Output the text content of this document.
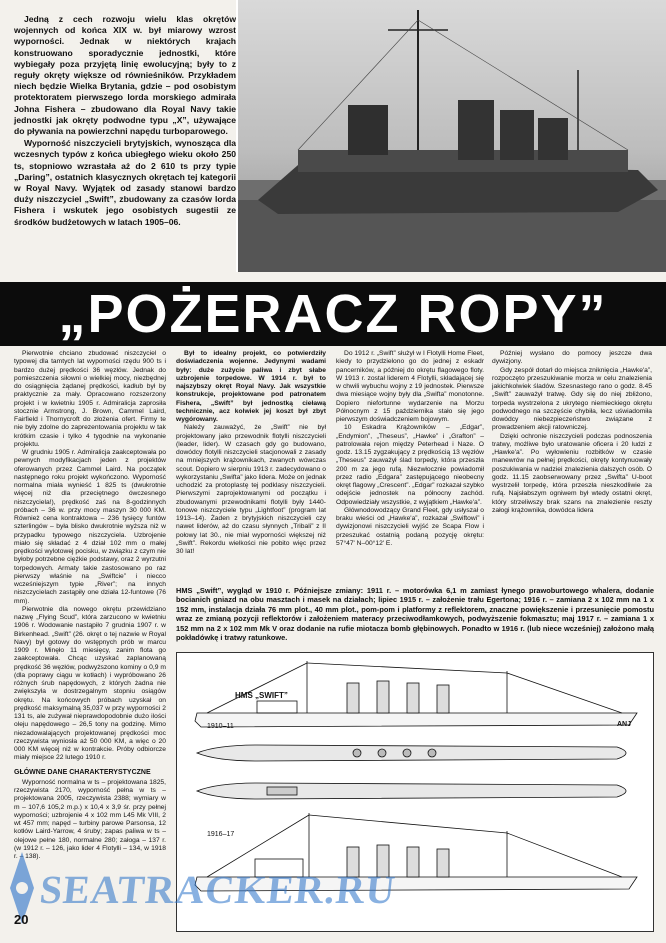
Jedną z cech rozwoju wielu klas okrętów wojennych od końca XIX w. był miarowy wzrost wyporności. Jednak w niektórych krajach konstruowano sporadycznie jednostki, które wybiegały poza przyjętą linię ewolucyjną; były to z reguły okręty większe od równieśników. Przykładem niech będzie Wielka Brytania, gdzie – pod osobistym protektoratem pierwszego lorda morskiego admirała Johna Fishera – zbudowano dla Royal Navy takie jednostki jak okręty podwodne typu „X”, używające do pływania na powierzchni napędu turboparowego.

Wyporność niszczycieli brytyjskich, wynosząca dla wczesnych typów z końca ubiegłego wieku około 250 ts, stopniowo wzrastała aż do 2 610 ts przy typie „Daring”, ostatnich klasycznych okrętach tej kategorii w Royal Navy. Wyjątek od zasady stanowi bardzo duży niszczyciel „Swift”, zbudowany za czasów lorda Fishera i wskutek jego osobistych sugestii ze środków budżetowych w latach 1905–06.

„POŻERACZ ROPY”

Pierwotnie chciano zbudować niszczyciel o typowej dla tamtych lat wyporności rzędu 900 ts i bardzo dużej prędkości 36 węzłów. Jednak do pomieszczenia siłowni o wielkiej mocy, niezbędnej do osiągnięcia żądanej prędkości, kadłub był by praktycznie za mały. Opracowano rozszerzony projekt i w kwietniu 1905 r. Admiralicja zaprosiła stocznie Armstrong, J. Brown, Cammel Laird, Fairfield i Thornycroft do złożenia ofert. Firmy te nie były zdolne do zaprezentowania projektu w tak krótkim czasie i tylko 4 tygodnie na wykonanie projektu.

W grudniu 1905 r. Admiralicja zaakceptowała po pewnych modyfikacjach jeden z projektów oferowanych przez Cammel Laird. Na początek następnego roku projekt wykończono. Wyporność normalna miała wynieść 1 825 ts (dwukrotnie więcej niż dla przeciętnego ówczesnego niszczyciela!), prędkość zaś na 8-godzinnych próbach – 36 w. przy mocy maszyn 30 000 KM. Również cena kontraktowa – 236 tysięcy funtów szterlingów – była blisko dwukrotnie wyższa niż w przypadku typowego niszczyciela. Uzbrojenie miało się składać z 4 dział 102 mm o małej prędkości wylotowej pocisku, w związku z czym nie byłoby potrzebne ciężkie podstawy, oraz 2 wyrzutni torpedowych. Armaty takie zastosowano po raz pierwszy właśnie na „Swiftcie” i niecco wcześniejszym typie „River”; na innych niszczycielach zastąpiły one działa 12-funtowe (76 mm).

Pierwotnie dla nowego okrętu przewidziano nazwę „Flying Scud”, która zarzucono w kwietniu 1906 r. Wodowanie nastąpiło 7 grudnia 1907 r. w Birkenhead. „Swift” (26. okręt o tej nazwie w Royal Navy) był gotowy do wstępnych prób w marcu 1909 r. Minęło 11 miesięcy, zanim flota go zaakceptowała. Chcąc uzyskać zaplanowaną prędkość 36 węzłów, podwyższono kominy o 0,9 m (dla poprawy ciągu w kotłach) i wypróbowano 26 różnych śrub napędowych, z których żadna nie zwiększyła w dostrzegalnym stopniu osiągów okrętu. Na końcowych próbach uzyskał on prędkość maksymalną 35,037 w przy wyporności 2 131 ts, ale zużywał nieprawdopodobnie dużo ilości oleju napędowego – 26,5 tony na godzinę. Mimo niezadowalających projektowanej prędkości moc rzeczywista wyniosła aż 50 000 KM, a więc o 20 000 KM więcej niż w kontrakcie. Próby odbiorcze miały miejsce 22 lutego 1910 r.

GŁÓWNE DANE CHARAKTERYSTYCZNE

Wyporność normalna w ts – projektowana 1825, rzeczywista 2170, wyporność pełna w ts – projektowana 2005, rzeczywista 2388; wymiary w m – 107,6 105,2 m.p.) x 10,4 x 3,9 śr. przy pełnej wyporności; uzbrojenie 4 x 102 mm L45 Mk VIII, 2 wt 457 mm; napęd – turbiny parowe Parsonsa, 12 kotłów Laird-Yarrow, 4 śruby; zapas paliwa w ts – olejowe pełne 180, normalne 280; załoga – 137 r. (w 1912 r. – 126, jako lider 4 Flotylli – 134, w 1918 r. – 138).

Był to idealny projekt, co potwierdziły doświadczenia wojenne. Jedynymi wadami były: duże zużycie paliwa i zbyt słabe uzbrojenie torpedowe. W 1914 r. był to najszybszy okręt Royal Navy. Jak wszystkie konstrukcje, projektowane pod patronatem Fishera, „Swift” był jednostką cieławą technicznie, acz kolwiek jej koszt był zbyt wygórowany.

Należy zauważyć, że „Swift” nie był projektowany jako przewodnik flotylli niszczycieli (leader, lider). W czasach gdy go budowano, dowódcy flotylli niszczycieli stacjonowali z zasady na mniejszych krążownikach, zwanych wówczas scout. Dopiero w sierpniu 1913 r. zadecydowano o wykorzystaniu „Swifta” jako lidera. Może on jednak uchodzić za protoplastę tej podklasy niszczycieli. Pierwszymi zaprojektowanymi od początku i zbudowanymi przewodnikami flotylli były 1440-tonowe niszczyciele typu „Lightfoot” (program lat 1913–14). Żaden z brytyjskich niszczycieli czy nawet liderów, aż do czasu słynnych „Tribali” z II połowy lat 30., nie miał wyporności większej niż „Swift”. Rekordu wielkości nie pobito więc przez 30 lat!

Do 1912 r. „Swift” służył w I Flotylli Home Fleet, kiedy to przydzielono go do jednej z eskadr pancerników, a później do okrętu flagowego floty. W 1913 r. został liderem 4 Flotylli, składającej się w chwili wybuchu wojny z 19 jednostek. Pierwsze dwa miesiące wojny były dla „Swifta” monotonne. Dopiero niefortunne wydarzenie na Morzu Północnym z 15 października stało się jego pierwszym doświadczeniem bojowym.

10 Eskadra Krążowników – „Edgar”, „Endymion”, „Theseus”, „Hawke” i „Grafton” – patrolowała rejon między Peterhead i Naze. O godz. 13.15 zygzakujący z prędkością 13 węzłów „Theseus” zauważył ślad torpedy, która przeszła 200 m za jego rufą. Niezwłocznie powiadomił przez radio „Edgara” zastępującego nieobecny okręt flagowy „Crescent”. „Edgar” rozkazał szybko odejście jednostek na północny zachód. Odpowiedziały wszystkie, z wyjątkiem „Hawke'a”.

Głównodowodzący Grand Fleet, gdy usłyszał o braku wieści od „Hawke'a”, rozkazał „Swiftowi” i dywizjonowi niszczycieli wyjść ze Scapa Flow i przeszukać ostatnią podaną pozycję okrętu: 57°47' N–00°12' E.

Później wysłano do pomocy jeszcze dwa dywizjony.

Gdy zespół dotarł do miejsca zniknięcia „Hawke'a”, rozpoczęto przeszukiwanie morza w celu znalezienia jakichkolwiek śladów. Szesnastego rano o godz. 8.45 „Swift” zauważył tratwę. Gdy się do niej zbliżono, torpeda wystrzelona z ukrytego niemieckiego okrętu podwodnego na szczęście chybiła, lecz uświadomiła dowódcy niebezpieczeństwo związane z prowadzeniem akcji ratowniczej.

Dzięki ochronie niszczycieli podczas podnoszenia tratwy, możliwe było uratowanie oficera i 20 ludzi z „Hawke'a”. Po wyłowieniu rozbitków w czasie manewrów na pełnej prędkości, okręty kontynuowały poszukiwania w nadziei znalezienia dalszych osób. O godz. 11.15 zaobserwowany przez „Swifta” U-boot wystrzelił torpedę, która przeszła nieszkodliwie za rufą. Najsłabszym ogniwem był wtedy ostatni okręt, który strzeliwszy brak szans na znalezienie reszty załogi krążownika, dowódca lidera

HMS „Swift”, wygląd w 1910 r. Późniejsze zmiany: 1911 r. – motorówka 6,1 m zamiast łynego prawoburtowego whalera, dodanie bocianich gniazd na obu masztach i masek na działach; lipiec 1915 r. – założenie trału Egertona; 1916 r. – zamiana 2 x 102 mm na 1 x 152 mm, instalacja działa 76 mm plot., 40 mm plot., pom-pom i platformy z reflektorem, znaczne powiększenie i przesunięcie pomostu wraz ze zmianą pozycji reflektorów i założeniem materacy przeciwodłamkowych, podwyższenie fokmasztu; maj 1917 r. – zamiana 1 x 152 mm na 2 x 102 mm Mk V oraz dodanie na rufie miotacza bomb głębinowych. Ponadto w 1916 r. (lub niece wcześniej) założono małą pokładówkę i tratwy ratunkowe.
HMS „SWIFT”
1910–11
1916–17
ANJ
SEATRACKER.RU
20
